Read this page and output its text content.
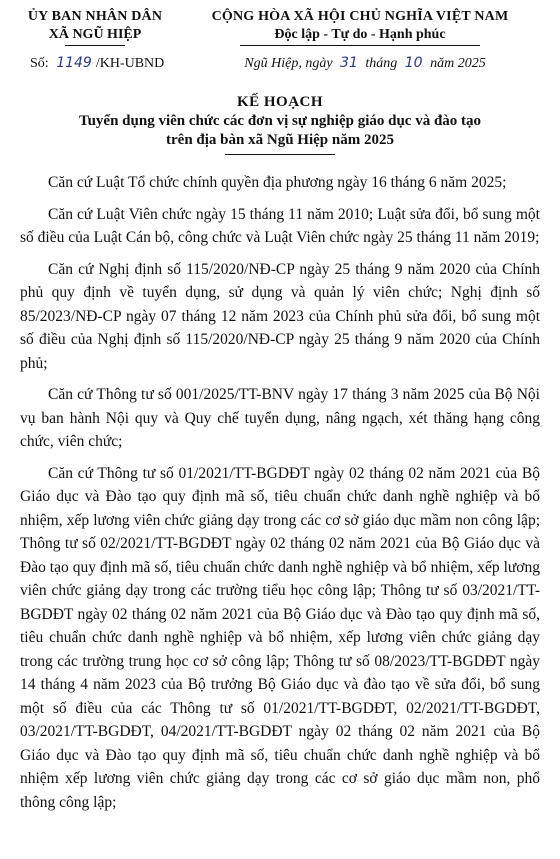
ỦY BAN NHÂN DÂN
XÃ NGŨ HIỆP
CỘNG HÒA XÃ HỘI CHỦ NGHĨA VIỆT NAM
Độc lập - Tự do - Hạnh phúc
Số: 1149 /KH-UBND	Ngũ Hiệp, ngày 31 tháng 10 năm 2025
KẾ HOẠCH
Tuyển dụng viên chức các đơn vị sự nghiệp giáo dục và đào tạo
trên địa bàn xã Ngũ Hiệp năm 2025

Căn cứ Luật Tổ chức chính quyền địa phương ngày 16 tháng 6 năm 2025;

Căn cứ Luật Viên chức ngày 15 tháng 11 năm 2010; Luật sửa đổi, bổ sung một số điều của Luật Cán bộ, công chức và Luật Viên chức ngày 25 tháng 11 năm 2019;

Căn cứ Nghị định số 115/2020/NĐ-CP ngày 25 tháng 9 năm 2020 của Chính phủ quy định về tuyển dụng, sử dụng và quản lý viên chức; Nghị định số 85/2023/NĐ-CP ngày 07 tháng 12 năm 2023 của Chính phủ sửa đổi, bổ sung một số điều của Nghị định số 115/2020/NĐ-CP ngày 25 tháng 9 năm 2020 của Chính phủ;

Căn cứ Thông tư số 001/2025/TT-BNV ngày 17 tháng 3 năm 2025 của Bộ Nội vụ ban hành Nội quy và Quy chế tuyển dụng, nâng ngạch, xét thăng hạng công chức, viên chức;

Căn cứ Thông tư số 01/2021/TT-BGDĐT ngày 02 tháng 02 năm 2021 của Bộ Giáo dục và Đào tạo quy định mã số, tiêu chuẩn chức danh nghề nghiệp và bổ nhiệm, xếp lương viên chức giảng dạy trong các cơ sở giáo dục mầm non công lập; Thông tư số 02/2021/TT-BGDĐT ngày 02 tháng 02 năm 2021 của Bộ Giáo dục và Đào tạo quy định mã số, tiêu chuẩn chức danh nghề nghiệp và bổ nhiệm, xếp lương viên chức giảng dạy trong các trường tiểu học công lập; Thông tư số 03/2021/TT-BGDĐT ngày 02 tháng 02 năm 2021 của Bộ Giáo dục và Đào tạo quy định mã số, tiêu chuẩn chức danh nghề nghiệp và bổ nhiệm, xếp lương viên chức giảng dạy trong các trường trung học cơ sở công lập; Thông tư số 08/2023/TT-BGDĐT ngày 14 tháng 4 năm 2023 của Bộ trưởng Bộ Giáo dục và đào tạo về sửa đổi, bổ sung một số điều của các Thông tư số 01/2021/TT-BGDĐT, 02/2021/TT-BGDĐT, 03/2021/TT-BGDĐT, 04/2021/TT-BGDĐT ngày 02 tháng 02 năm 2021 của Bộ Giáo dục và Đào tạo quy định mã số, tiêu chuẩn chức danh nghề nghiệp và bổ nhiệm xếp lương viên chức giảng dạy trong các cơ sở giáo dục mầm non, phổ thông công lập;
